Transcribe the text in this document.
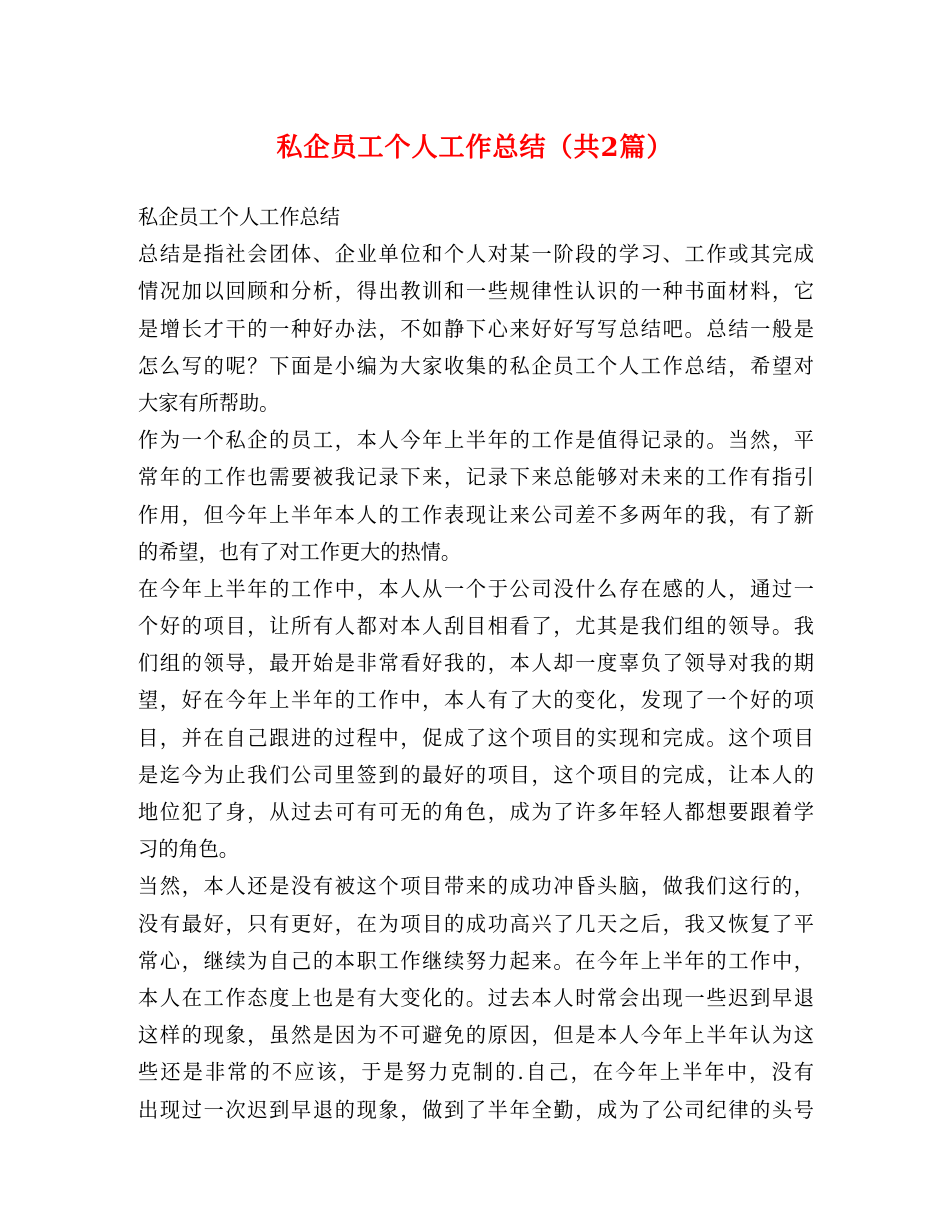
私企员工个人工作总结（共2篇）
私企员工个人工作总结
总结是指社会团体、企业单位和个人对某一阶段的学习、工作或其完成
情况加以回顾和分析，得出教训和一些规律性认识的一种书面材料，它
是增长才干的一种好办法，不如静下心来好好写写总结吧。总结一般是
怎么写的呢？下面是小编为大家收集的私企员工个人工作总结，希望对
大家有所帮助。
作为一个私企的员工，本人今年上半年的工作是值得记录的。当然，平
常年的工作也需要被我记录下来，记录下来总能够对未来的工作有指引
作用，但今年上半年本人的工作表现让来公司差不多两年的我，有了新
的希望，也有了对工作更大的热情。
在今年上半年的工作中，本人从一个于公司没什么存在感的人，通过一
个好的项目，让所有人都对本人刮目相看了，尤其是我们组的领导。我
们组的领导，最开始是非常看好我的，本人却一度辜负了领导对我的期
望，好在今年上半年的工作中，本人有了大的变化，发现了一个好的项
目，并在自己跟进的过程中，促成了这个项目的实现和完成。这个项目
是迄今为止我们公司里签到的最好的项目，这个项目的完成，让本人的
地位犯了身，从过去可有可无的角色，成为了许多年轻人都想要跟着学
习的角色。
当然，本人还是没有被这个项目带来的成功冲昏头脑，做我们这行的，
没有最好，只有更好，在为项目的成功高兴了几天之后，我又恢复了平
常心，继续为自己的本职工作继续努力起来。在今年上半年的工作中，
本人在工作态度上也是有大变化的。过去本人时常会出现一些迟到早退
这样的现象，虽然是因为不可避免的原因，但是本人今年上半年认为这
些还是非常的不应该，于是努力克制的.自己，在今年上半年中，没有
出现过一次迟到早退的现象，做到了半年全勤，成为了公司纪律的头号
